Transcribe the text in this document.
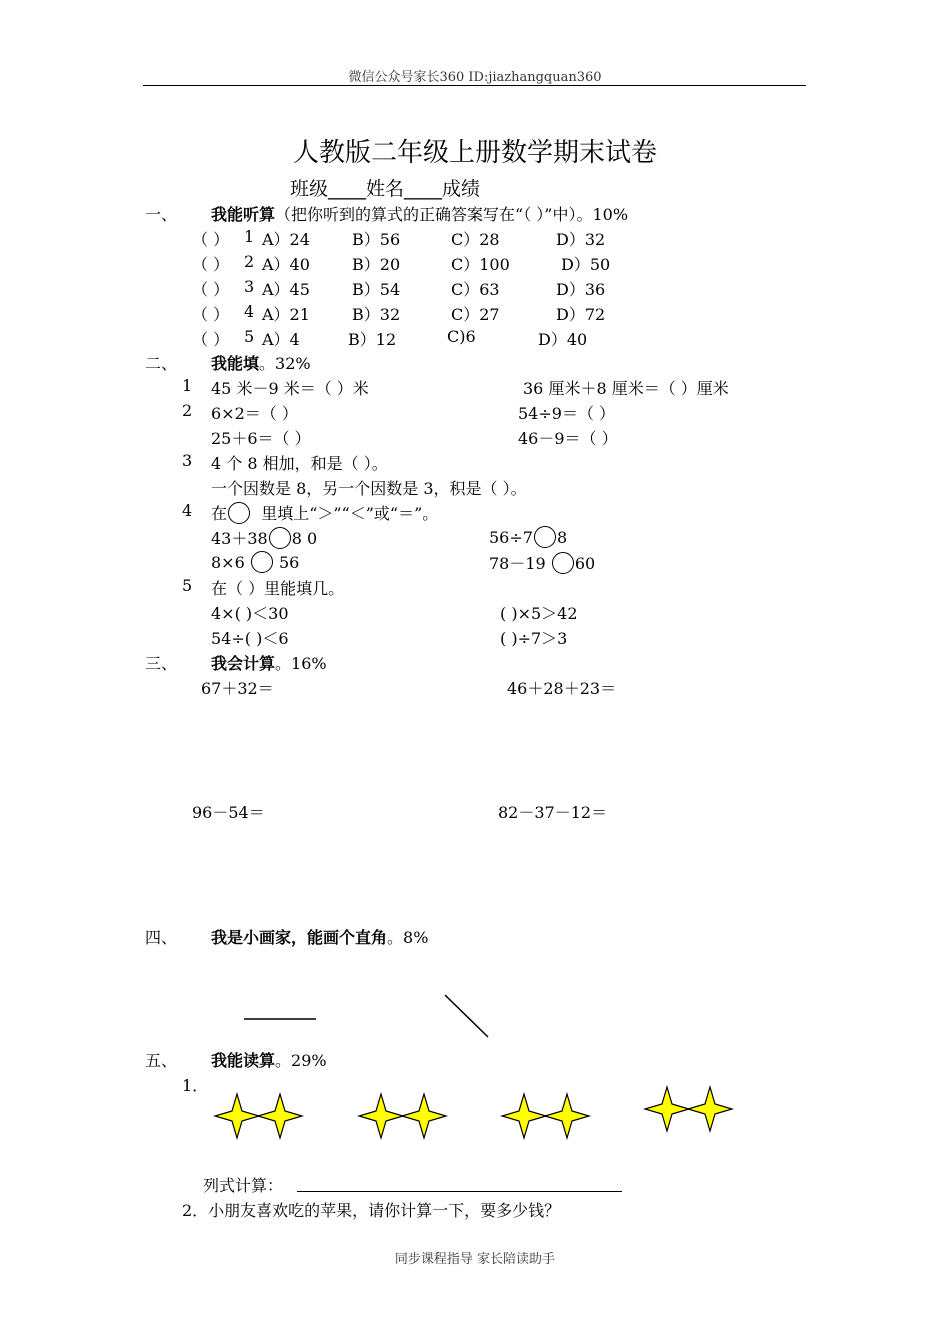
微信公众号家长360 ID:jiazhangquan360
人教版二年级上册数学期末试卷
班级____姓名____成绩
一、 我能听算（把你听到的算式的正确答案写在“（ ）”中）。10%
（ ） 1 A）24	B）56	C）28	D）32
（ ） 2 A）40	B）20	C）100	D）50
（ ） 3 A）45	B）54	C）63	D）36
（ ） 4 A）21	B）32	C）27	D）72
（ ） 5 A）4	B）12	C)6	D）40
二、 我能填。32%
1 45 米－9 米＝（ ）米	36 厘米＋8 厘米＝（ ）厘米
2 6×2＝（ ）	54÷9＝（ ）
25＋6＝（ ）	46－9＝（ ）
3 4 个 8 相加，和是（ ）。
一个因数是 8，另一个因数是 3，积是（ ）。
4 在 里填上“＞”“＜”或“＝”。
43＋38 8 0	56÷7 8
8×6 56	78－19 60
5 在（ ）里能填几。
4×( )＜30	( )×5＞42
54÷( )＜6	( )÷7＞3
三、 我会计算。16%
67＋32＝	46＋28＋23＝
96－54＝	82－37－12＝
四、 我是小画家，能画个直角。8%
五、 我能读算。29%
1．
列式计算：
2．小朋友喜欢吃的苹果，请你计算一下，要多少钱？
同步课程指导 家长陪读助手
